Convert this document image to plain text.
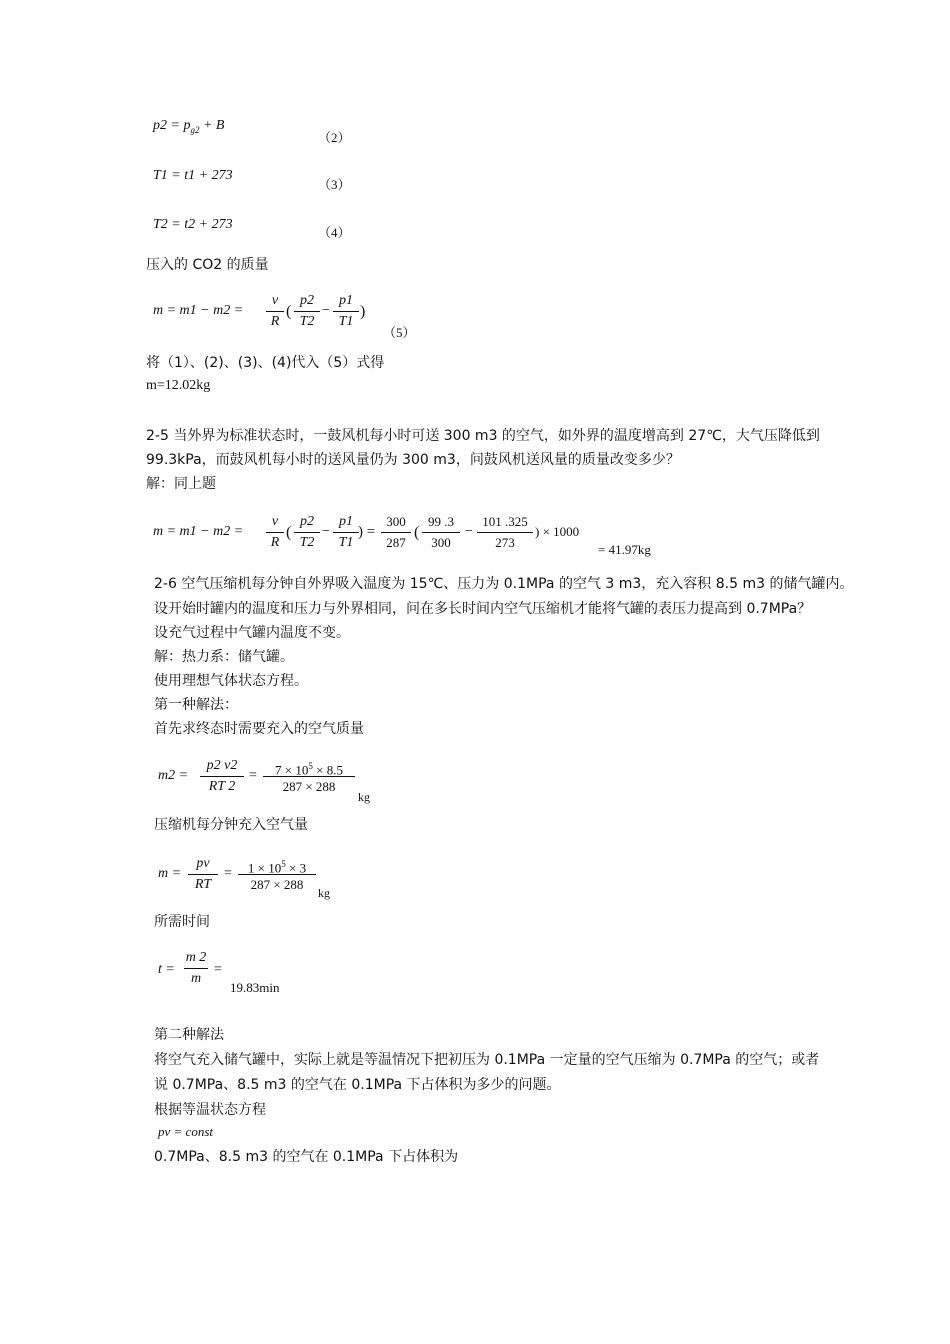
$p2 = p_{g2} + B$
（2）
T1 = t1 + 273
（3）
T2 = t2 + 273
（4）
压入的 CO2 的质量
m = m1 − m2 =
v
R
(
p2
T2
−
p1
T1
)
（5）
将（1）、(2)、(3)、(4)代入（5）式得
m=12.02kg
2-5 当外界为标准状态时，一鼓风机每小时可送 300 m3 的空气，如外界的温度增高到 27℃，大气压降低到
99.3kPa，而鼓风机每小时的送风量仍为 300 m3，问鼓风机送风量的质量改变多少？
解：同上题
m = m1 − m2 =
v
R
(
p2
T2
−
p1
T1
) =
300
287
(
99 .3
300
−
101 .325
273
) × 1000
= 41.97kg
2-6 空气压缩机每分钟自外界吸入温度为 15℃、压力为 0.1MPa 的空气 3 m3，充入容积 8.5 m3 的储气罐内。
设开始时罐内的温度和压力与外界相同，问在多长时间内空气压缩机才能将气罐的表压力提高到 0.7MPa？
设充气过程中气罐内温度不变。
解：热力系：储气罐。
使用理想气体状态方程。
第一种解法：
首先求终态时需要充入的空气质量
m2 =
p2 v2
RT 2
=	$7 \times 10^5 \times 8.5$
287 × 288
kg
压缩机每分钟充入空气量
m =
pv
RT
=	$1 \times 10^5 \times 3$
287 × 288
kg
所需时间
t =
m 2
m
=
19.83min
第二种解法
将空气充入储气罐中，实际上就是等温情况下把初压为 0.1MPa 一定量的空气压缩为 0.7MPa 的空气；或者
说 0.7MPa、8.5 m3 的空气在 0.1MPa 下占体积为多少的问题。
根据等温状态方程
pv = const
0.7MPa、8.5 m3 的空气在 0.1MPa 下占体积为
